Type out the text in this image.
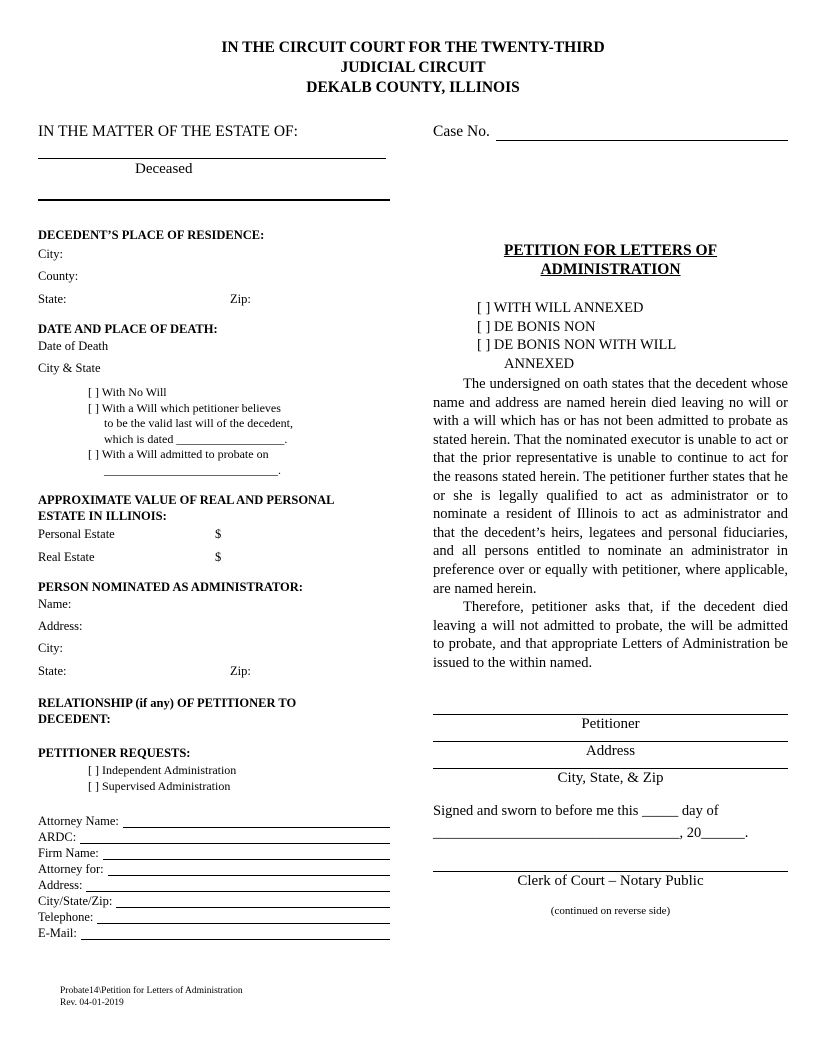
IN THE CIRCUIT COURT FOR THE TWENTY-THIRD
JUDICIAL CIRCUIT
DEKALB COUNTY, ILLINOIS
IN THE MATTER OF THE ESTATE OF:
Deceased
DECEDENT’S PLACE OF RESIDENCE:
City:
County:
State:	Zip:
DATE AND PLACE OF DEATH:
Date of Death
City & State
[ ] With No Will
[ ] With a Will which petitioner believes
to be the valid last will of the decedent,
which is dated __________________.
[ ] With a Will admitted to probate on
_____________________________.
APPROXIMATE VALUE OF REAL AND PERSONAL
ESTATE IN ILLINOIS:
Personal Estate	$
Real Estate	$
PERSON NOMINATED AS ADMINISTRATOR:
Name:
Address:
City:
State:	Zip:
RELATIONSHIP (if any) OF PETITIONER TO
DECEDENT:
PETITIONER REQUESTS:
[ ] Independent Administration
[ ] Supervised Administration
Attorney Name:
ARDC:
Firm Name:
Attorney for:
Address:
City/State/Zip:
Telephone:
E-Mail:
Case No.
PETITION FOR LETTERS OF
ADMINISTRATION
[ ] WITH WILL ANNEXED
[ ] DE BONIS NON
[ ] DE BONIS NON WITH WILL
ANNEXED

The undersigned on oath states that the decedent whose name and address are named herein died leaving no will or with a will which has or has not been admitted to probate as stated herein. That the nominated executor is unable to act or that the prior representative is unable to continue to act for the reasons stated herein. The petitioner further states that he or she is legally qualified to act as administrator or to nominate a resident of Illinois to act as administrator and that the decedent’s heirs, legatees and personal fiduciaries, and all persons entitled to nominate an administrator in preference over or equally with petitioner, where applicable, are named herein.

Therefore, petitioner asks that, if the decedent died leaving a will not admitted to probate, the will be admitted to probate, and that appropriate Letters of Administration be issued to the within named.

Petitioner
Address
City, State, & Zip
Signed and sworn to before me this _____ day of
__________________________________, 20______.
Clerk of Court – Notary Public
(continued on reverse side)
Probate14\Petition for Letters of Administration
Rev. 04-01-2019
